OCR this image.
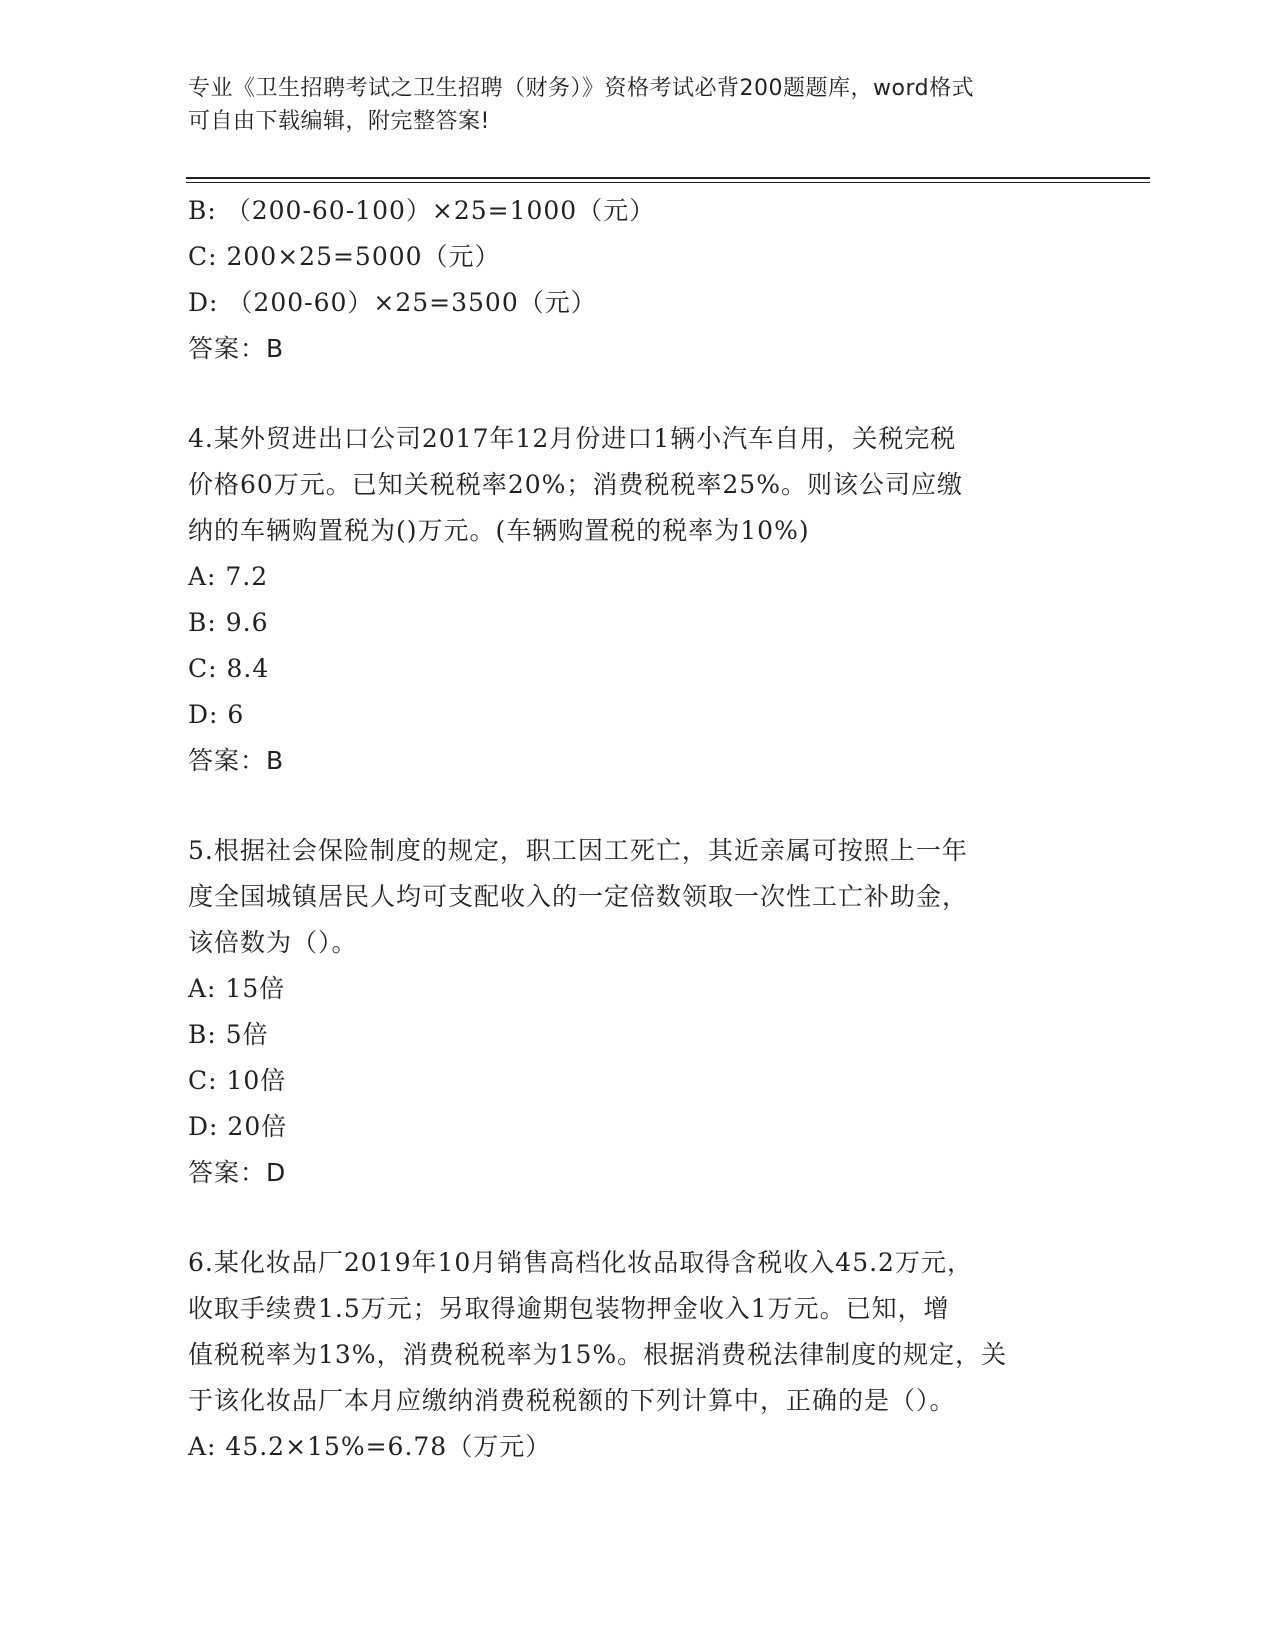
专业《卫生招聘考试之卫生招聘（财务）》资格考试必背200题题库，word格式
可自由下载编辑，附完整答案!
B: （200-60-100）×25=1000（元）
C: 200×25=5000（元）
D: （200-60）×25=3500（元）
答案：B
4.某外贸进出口公司2017年12月份进口1辆小汽车自用，关税完税
价格60万元。已知关税税率20%；消费税税率25%。则该公司应缴
纳的车辆购置税为()万元。(车辆购置税的税率为10%)
A: 7.2
B: 9.6
C: 8.4
D: 6
答案：B
5.根据社会保险制度的规定，职工因工死亡，其近亲属可按照上一年
度全国城镇居民人均可支配收入的一定倍数领取一次性工亡补助金，
该倍数为（）。
A: 15倍
B: 5倍
C: 10倍
D: 20倍
答案：D
6.某化妆品厂2019年10月销售高档化妆品取得含税收入45.2万元，
收取手续费1.5万元；另取得逾期包装物押金收入1万元。已知，增
值税税率为13%，消费税税率为15%。根据消费税法律制度的规定，关
于该化妆品厂本月应缴纳消费税税额的下列计算中，正确的是（）。
A: 45.2×15%=6.78（万元）
